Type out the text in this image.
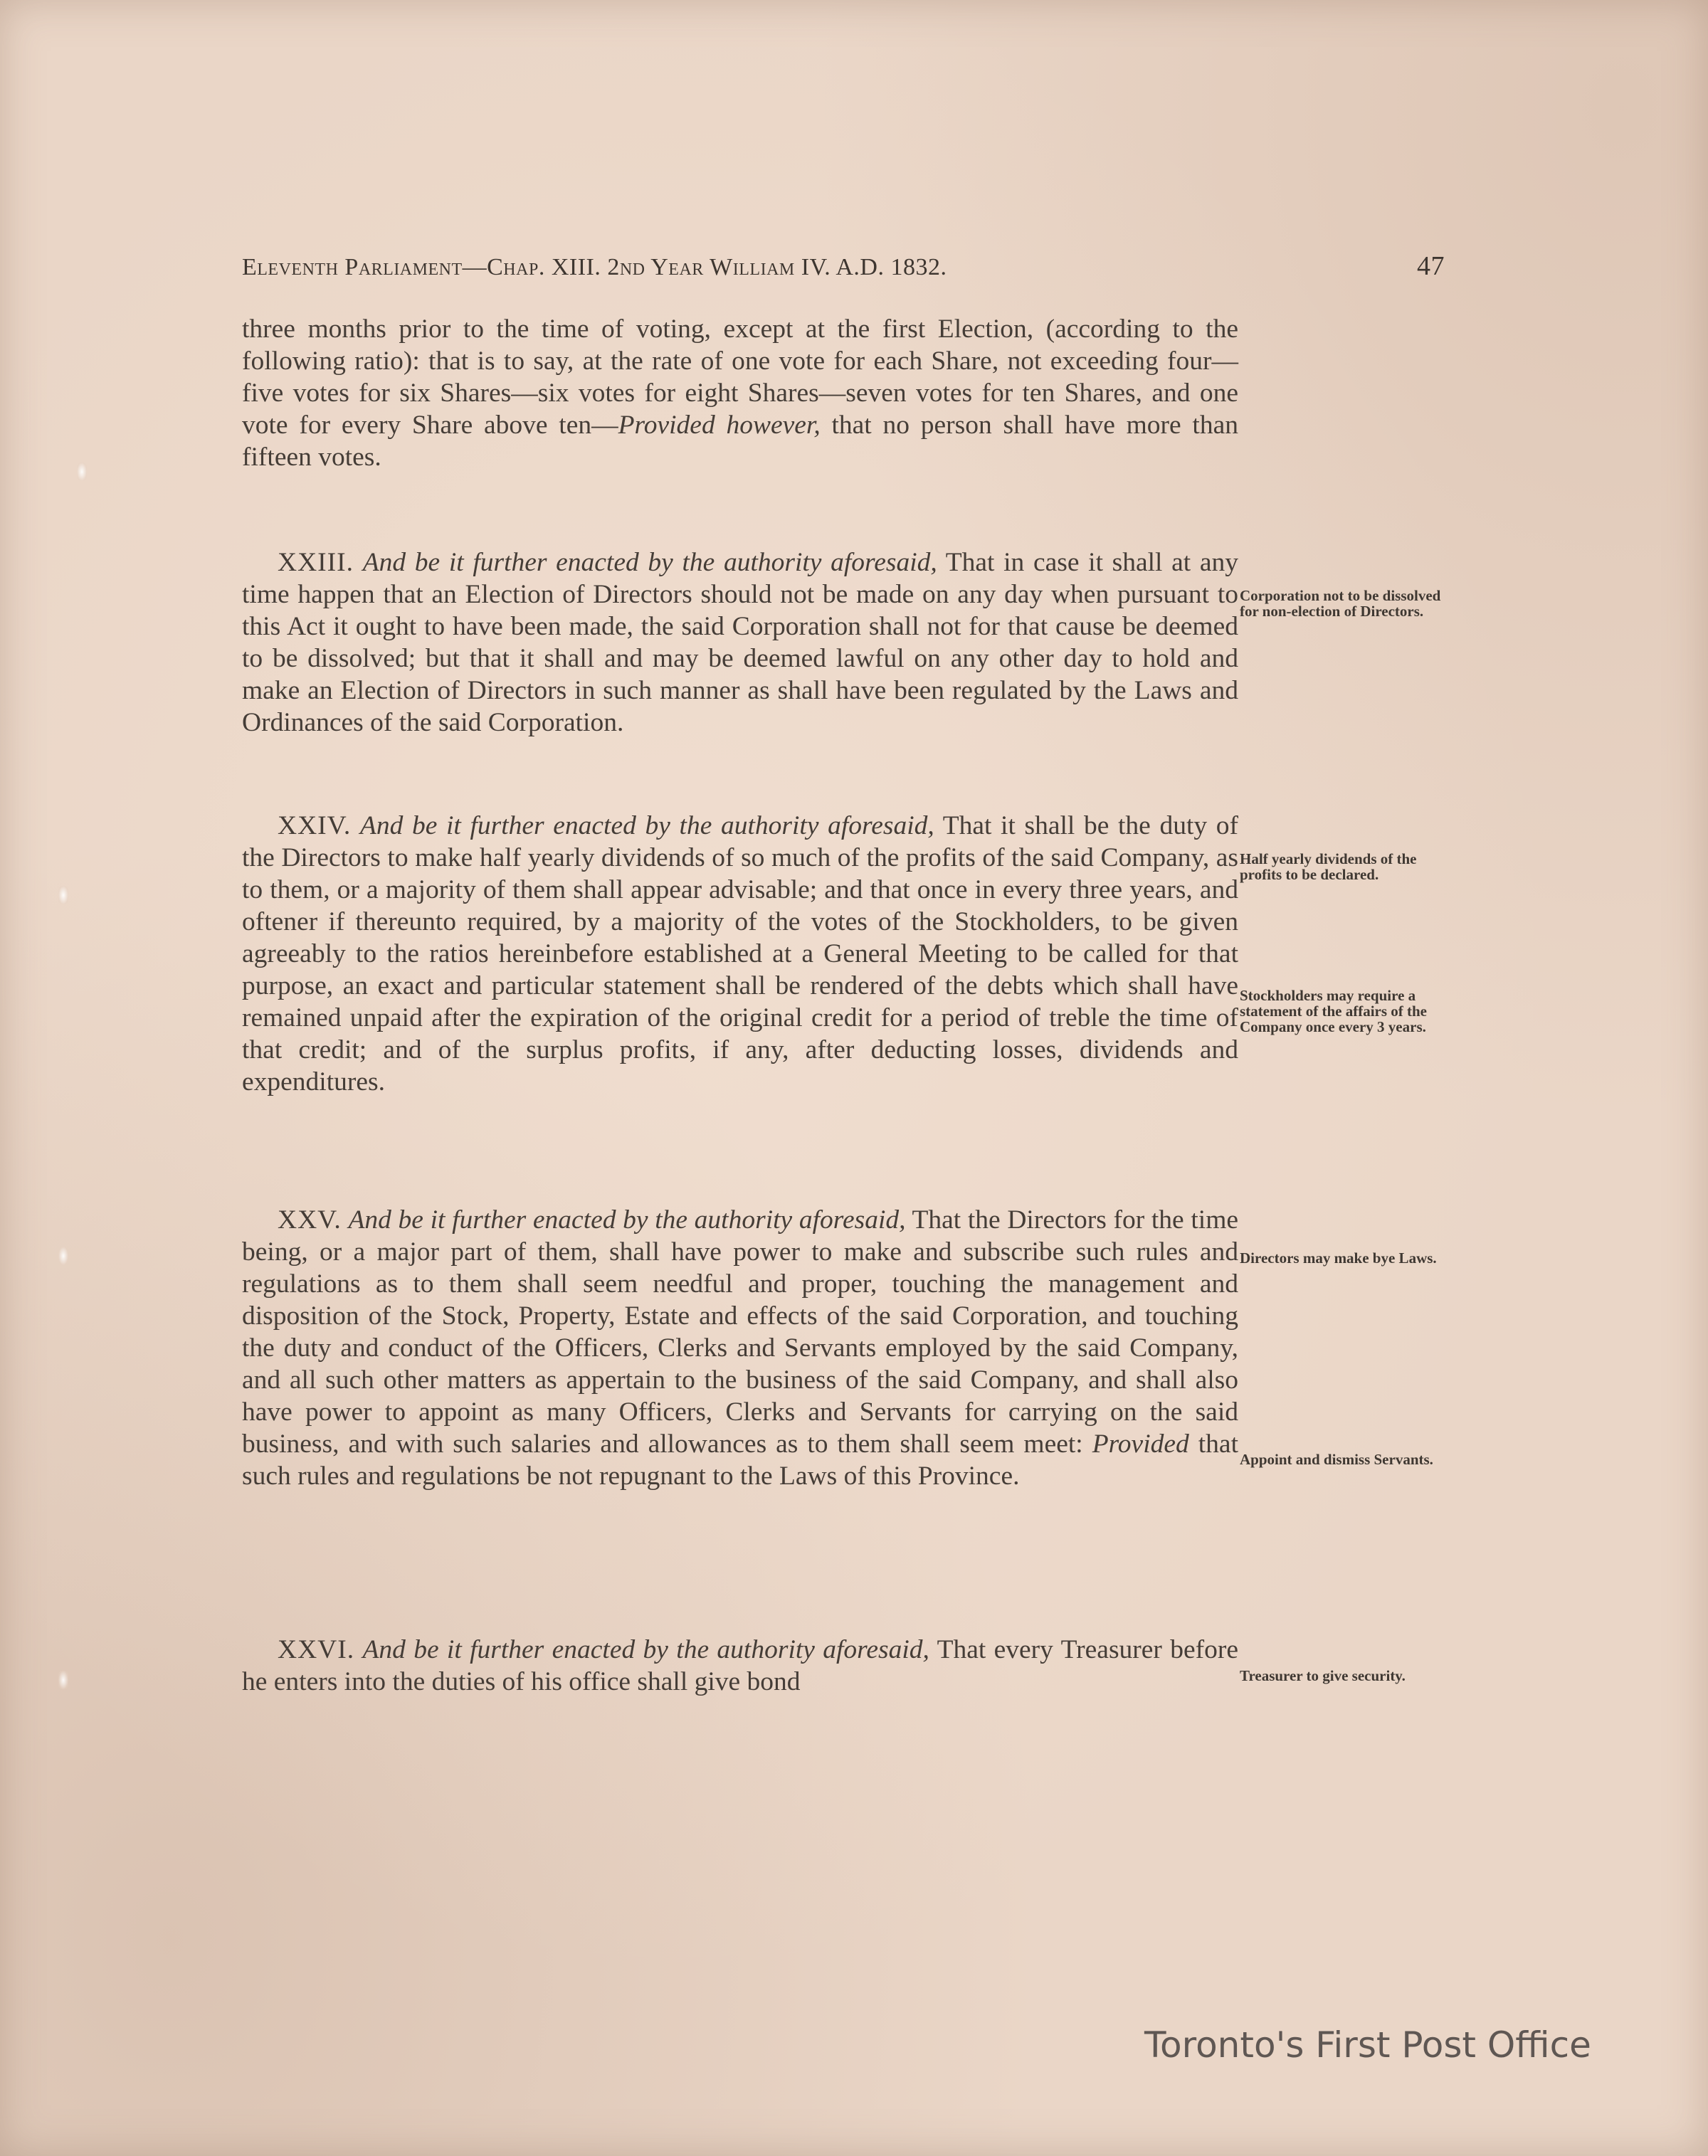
Eleventh Parliament—Chap. XIII. 2nd Year William IV. A.D. 1832.	47

three months prior to the time of voting, except at the first Election, (according to the following ratio): that is to say, at the rate of one vote for each Share, not exceeding four—five votes for six Shares—six votes for eight Shares—seven votes for ten Shares, and one vote for every Share above ten—Provided however, that no person shall have more than fifteen votes.

XXIII. And be it further enacted by the authority aforesaid, That in case it shall at any time happen that an Election of Directors should not be made on any day when pursuant to this Act it ought to have been made, the said Corporation shall not for that cause be deemed to be dissolved; but that it shall and may be deemed lawful on any other day to hold and make an Election of Directors in such manner as shall have been regulated by the Laws and Ordinances of the said Corporation.

XXIV. And be it further enacted by the authority aforesaid, That it shall be the duty of the Directors to make half yearly dividends of so much of the profits of the said Company, as to them, or a majority of them shall appear advisable; and that once in every three years, and oftener if thereunto required, by a majority of the votes of the Stockholders, to be given agreeably to the ratios hereinbefore established at a General Meeting to be called for that purpose, an exact and particular statement shall be rendered of the debts which shall have remained unpaid after the expiration of the original credit for a period of treble the time of that credit; and of the surplus profits, if any, after deducting losses, dividends and expenditures.

XXV. And be it further enacted by the authority aforesaid, That the Directors for the time being, or a major part of them, shall have power to make and subscribe such rules and regulations as to them shall seem needful and proper, touching the management and disposition of the Stock, Property, Estate and effects of the said Corporation, and touching the duty and conduct of the Officers, Clerks and Servants employed by the said Company, and all such other matters as appertain to the business of the said Company, and shall also have power to appoint as many Officers, Clerks and Servants for carrying on the said business, and with such salaries and allowances as to them shall seem meet: Provided that such rules and regulations be not repugnant to the Laws of this Province.

XXVI. And be it further enacted by the authority aforesaid, That every Treasurer before he enters into the duties of his office shall give bond

Corporation not to be dissolved for non-election of Directors.
Half yearly dividends of the profits to be declared.
Stockholders may require a statement of the affairs of the Company once every 3 years.
Directors may make bye Laws.
Appoint and dismiss Servants.
Treasurer to give security.
Toronto's First Post Office
